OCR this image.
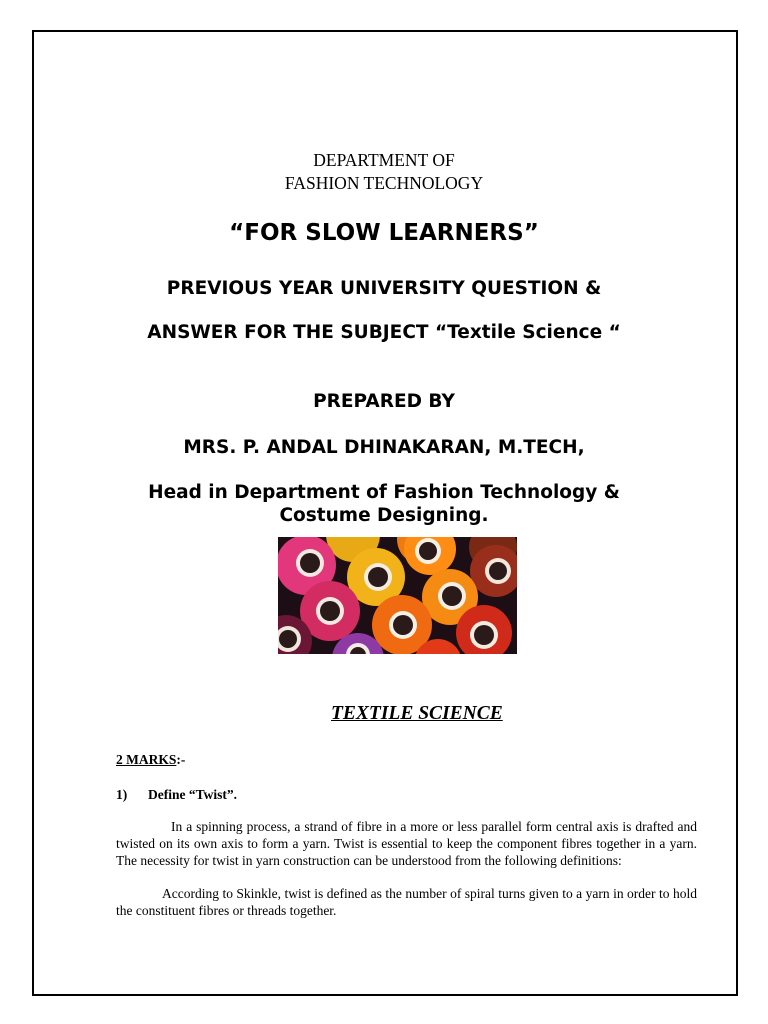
DEPARTMENT OF
FASHION TECHNOLOGY
“FOR SLOW LEARNERS”
PREVIOUS YEAR UNIVERSITY QUESTION &
ANSWER FOR THE SUBJECT “Textile Science “
PREPARED BY
MRS. P. ANDAL DHINAKARAN, M.TECH,
Head in Department of Fashion Technology &
Costume Designing.
TEXTILE SCIENCE
2 MARKS:-
1) Define “Twist”.
In a spinning process, a strand of fibre in a more or less parallel form central axis is drafted and twisted on its own axis to form a yarn. Twist is essential to keep the component fibres together in a yarn. The necessity for twist in yarn construction can be understood from the following definitions:
According to Skinkle, twist is defined as the number of spiral turns given to a yarn in order to hold the constituent fibres or threads together.
